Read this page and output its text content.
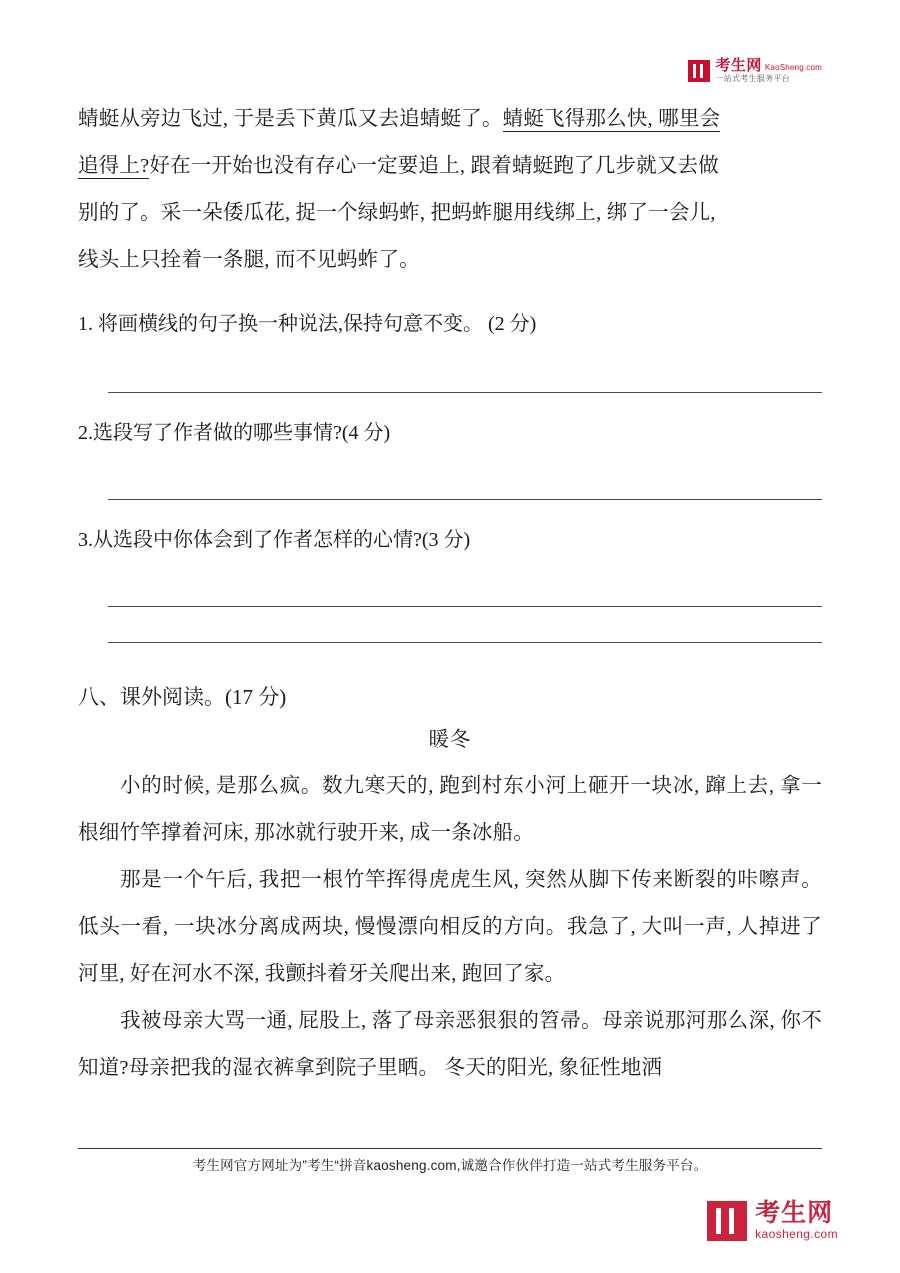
考生网 KaoSheng.com
一站式考生服务平台

蜻蜓从旁边飞过, 于是丢下黄瓜又去追蜻蜓了。蜻蜓飞得那么快, 哪里会

追得上?好在一开始也没有存心一定要追上, 跟着蜻蜓跑了几步就又去做

别的了。采一朵倭瓜花, 捉一个绿蚂蚱, 把蚂蚱腿用线绑上, 绑了一会儿,

线头上只拴着一条腿, 而不见蚂蚱了。

1. 将画横线的句子换一种说法,保持句意不变。 (2 分)

2.选段写了作者做的哪些事情?(4 分)

3.从选段中你体会到了作者怎样的心情?(3 分)

八、课外阅读。(17 分)

暖冬

小的时候, 是那么疯。数九寒天的, 跑到村东小河上砸开一块冰, 蹿上去, 拿一根细竹竿撑着河床, 那冰就行驶开来, 成一条冰船。

那是一个午后, 我把一根竹竿挥得虎虎生风, 突然从脚下传来断裂的咔嚓声。低头一看, 一块冰分离成两块, 慢慢漂向相反的方向。我急了, 大叫一声, 人掉进了河里, 好在河水不深, 我颤抖着牙关爬出来, 跑回了家。

我被母亲大骂一通, 屁股上, 落了母亲恶狠狠的笤帚。母亲说那河那么深, 你不知道?母亲把我的湿衣裤拿到院子里晒。 冬天的阳光, 象征性地洒

考生网官方网址为”考生“拼音kaosheng.com,诚邀合作伙伴打造一站式考生服务平台。
考生网
kaosheng.com
